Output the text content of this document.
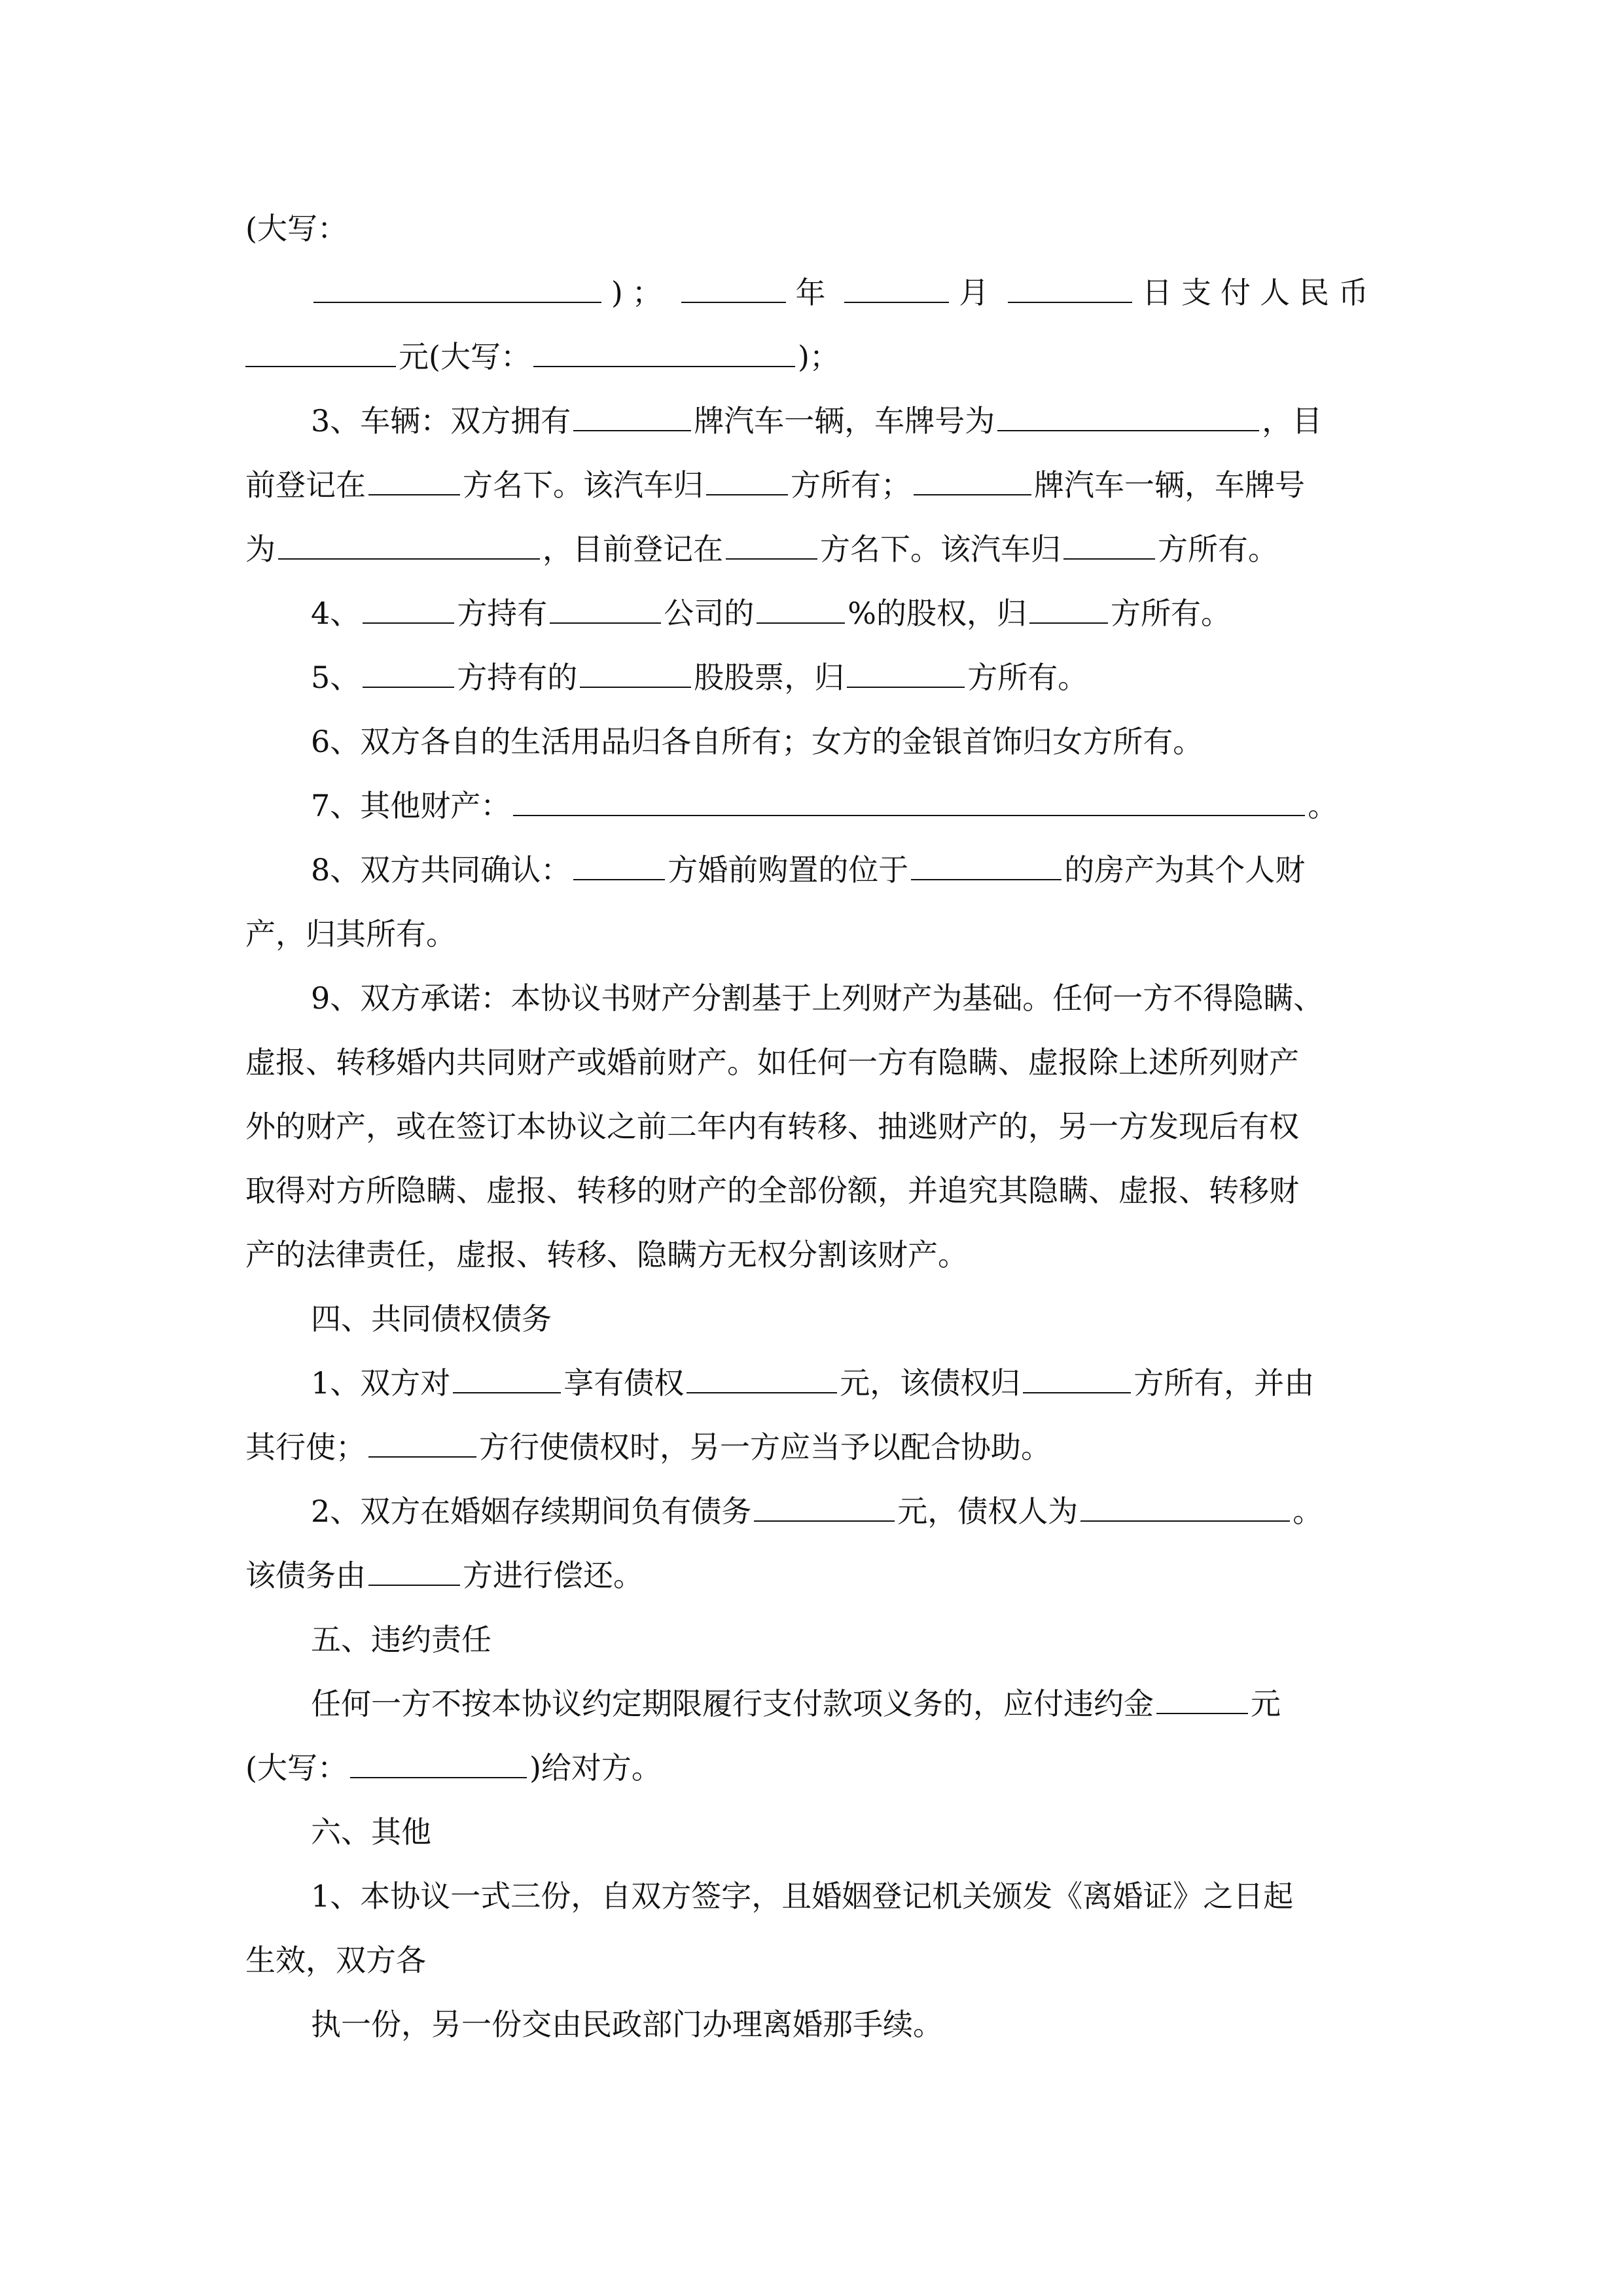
(大写：
)；	年	月	日支付人民币
元(大写：	)；
3、车辆：双方拥有	牌汽车一辆，车牌号为	，目
前登记在	方名下。该汽车归	方所有；	牌汽车一辆，车牌号
为	，目前登记在	方名下。该汽车归	方所有。
4、	方持有	公司的	%的股权，归	方所有。
5、	方持有的	股股票，归	方所有。
6、双方各自的生活用品归各自所有；女方的金银首饰归女方所有。
7、其他财产：	。
8、双方共同确认：	方婚前购置的位于	的房产为其个人财
产，归其所有。
9、双方承诺：本协议书财产分割基于上列财产为基础。任何一方不得隐瞒、
虚报、转移婚内共同财产或婚前财产。如任何一方有隐瞒、虚报除上述所列财产
外的财产，或在签订本协议之前二年内有转移、抽逃财产的，另一方发现后有权
取得对方所隐瞒、虚报、转移的财产的全部份额，并追究其隐瞒、虚报、转移财
产的法律责任，虚报、转移、隐瞒方无权分割该财产。
四、共同债权债务
1、双方对	享有债权	元，该债权归	方所有，并由
其行使；	方行使债权时，另一方应当予以配合协助。
2、双方在婚姻存续期间负有债务	元，债权人为	。
该债务由	方进行偿还。
五、违约责任
任何一方不按本协议约定期限履行支付款项义务的，应付违约金	元
(大写：	)给对方。
六、其他
1、本协议一式三份，自双方签字，且婚姻登记机关颁发《离婚证》之日起
生效，双方各
执一份，另一份交由民政部门办理离婚那手续。
